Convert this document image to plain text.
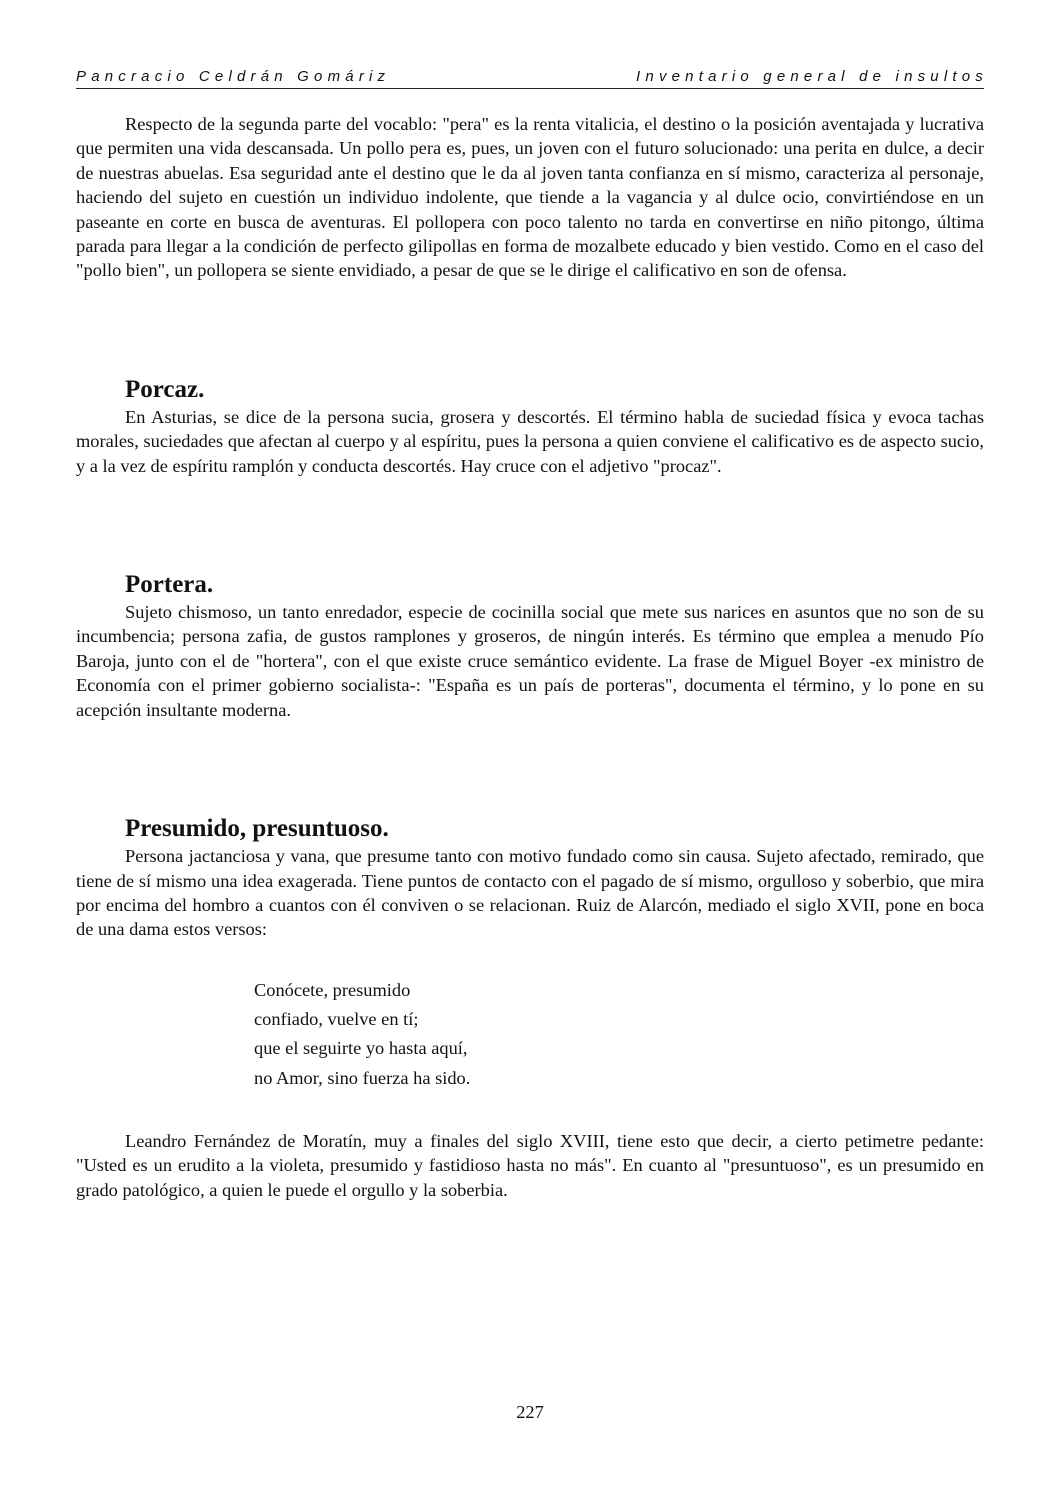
Pancracio Celdrán Gomáriz	Inventario general de insultos

Respecto de la segunda parte del vocablo: "pera" es la renta vitalicia, el destino o la posición aventajada y lucrativa que permiten una vida descansada. Un pollo pera es, pues, un joven con el futuro solucionado: una perita en dulce, a decir de nuestras abuelas. Esa seguridad ante el destino que le da al joven tanta confianza en sí mismo, caracteriza al personaje, haciendo del sujeto en cuestión un individuo indolente, que tiende a la vagancia y al dulce ocio, convirtiéndose en un paseante en corte en busca de aventuras. El pollopera con poco talento no tarda en convertirse en niño pitongo, última parada para llegar a la condición de perfecto gilipollas en forma de mozalbete educado y bien vestido. Como en el caso del "pollo bien", un pollopera se siente envidiado, a pesar de que se le dirige el calificativo en son de ofensa.

Porcaz.

En Asturias, se dice de la persona sucia, grosera y descortés. El término habla de suciedad física y evoca tachas morales, suciedades que afectan al cuerpo y al espíritu, pues la persona a quien conviene el calificativo es de aspecto sucio, y a la vez de espíritu ramplón y conducta descortés. Hay cruce con el adjetivo "procaz".

Portera.

Sujeto chismoso, un tanto enredador, especie de cocinilla social que mete sus narices en asuntos que no son de su incumbencia; persona zafia, de gustos ramplones y groseros, de ningún interés. Es término que emplea a menudo Pío Baroja, junto con el de "hortera", con el que existe cruce semántico evidente. La frase de Miguel Boyer -ex ministro de Economía con el primer gobierno socialista-: "España es un país de porteras", documenta el término, y lo pone en su acepción insultante moderna.

Presumido, presuntuoso.

Persona jactanciosa y vana, que presume tanto con motivo fundado como sin causa. Sujeto afectado, remirado, que tiene de sí mismo una idea exagerada. Tiene puntos de contacto con el pagado de sí mismo, orgulloso y soberbio, que mira por encima del hombro a cuantos con él conviven o se relacionan. Ruiz de Alarcón, mediado el siglo XVII, pone en boca de una dama estos versos:

Conócete, presumido
confiado, vuelve en tí;
que el seguirte yo hasta aquí,
no Amor, sino fuerza ha sido.

Leandro Fernández de Moratín, muy a finales del siglo XVIII, tiene esto que decir, a cierto petimetre pedante: "Usted es un erudito a la violeta, presumido y fastidioso hasta no más". En cuanto al "presuntuoso", es un presumido en grado patológico, a quien le puede el orgullo y la soberbia.

227
